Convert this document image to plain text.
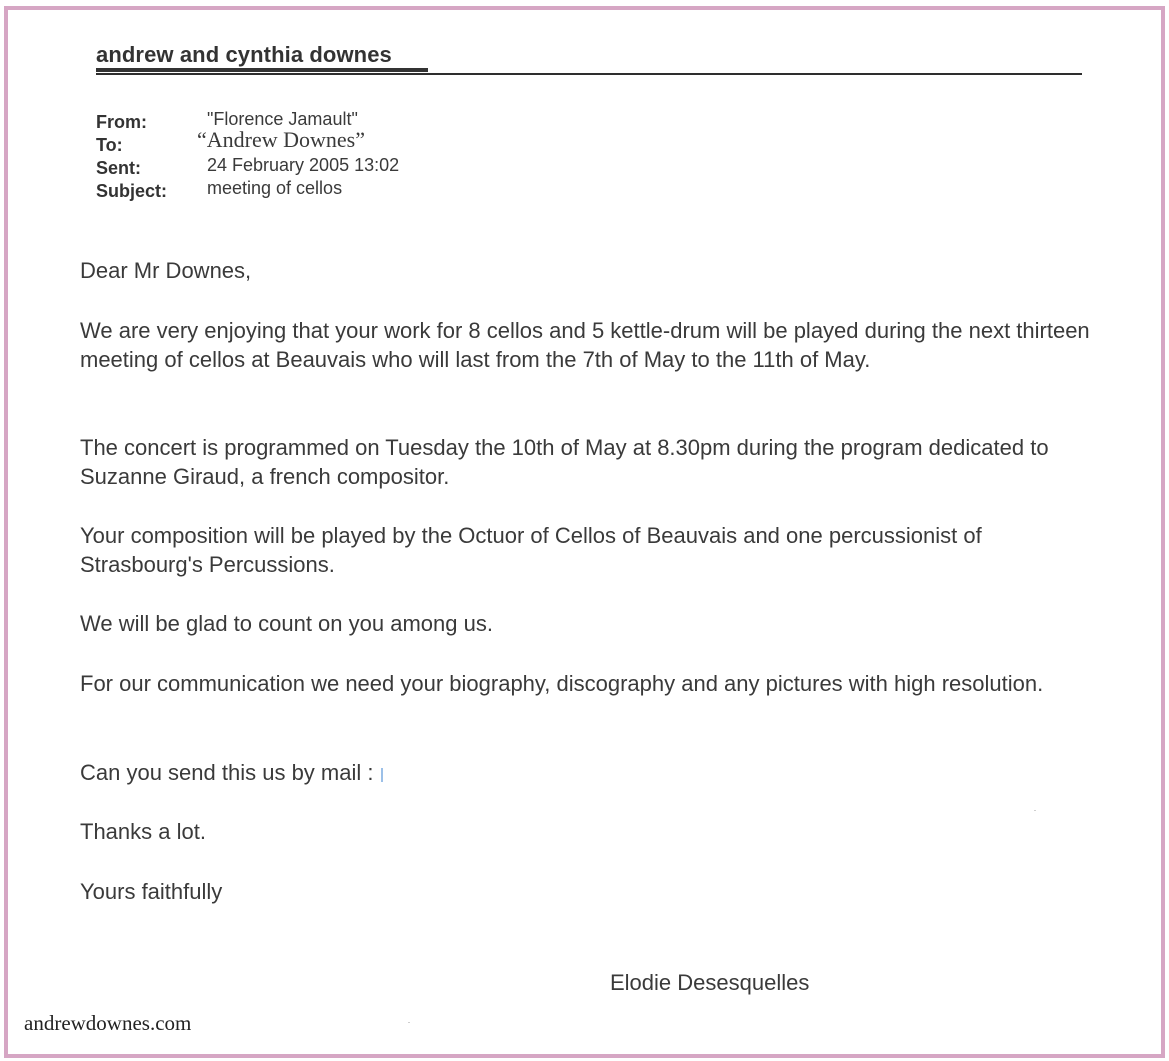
andrew and cynthia downes
From:	"Florence Jamault"
To:	“Andrew Downes”
Sent:	24 February 2005 13:02
Subject:	meeting of cellos

Dear Mr Downes,

We are very enjoying that your work for 8 cellos and 5 kettle-drum will be played during the next thirteen meeting of cellos at Beauvais who will last from the 7th of May to the 11th of May.

The concert is programmed on Tuesday the 10th of May at 8.30pm during the program dedicated to Suzanne Giraud, a french compositor.

Your composition will be played by the Octuor of Cellos of Beauvais and one percussionist of Strasbourg's Percussions.

We will be glad to count on you among us.

For our communication we need your biography, discography and any pictures with high resolution.

Can you send this us by mail :

Thanks a lot.

Yours faithfully

Elodie Desesquelles
andrewdownes.com
